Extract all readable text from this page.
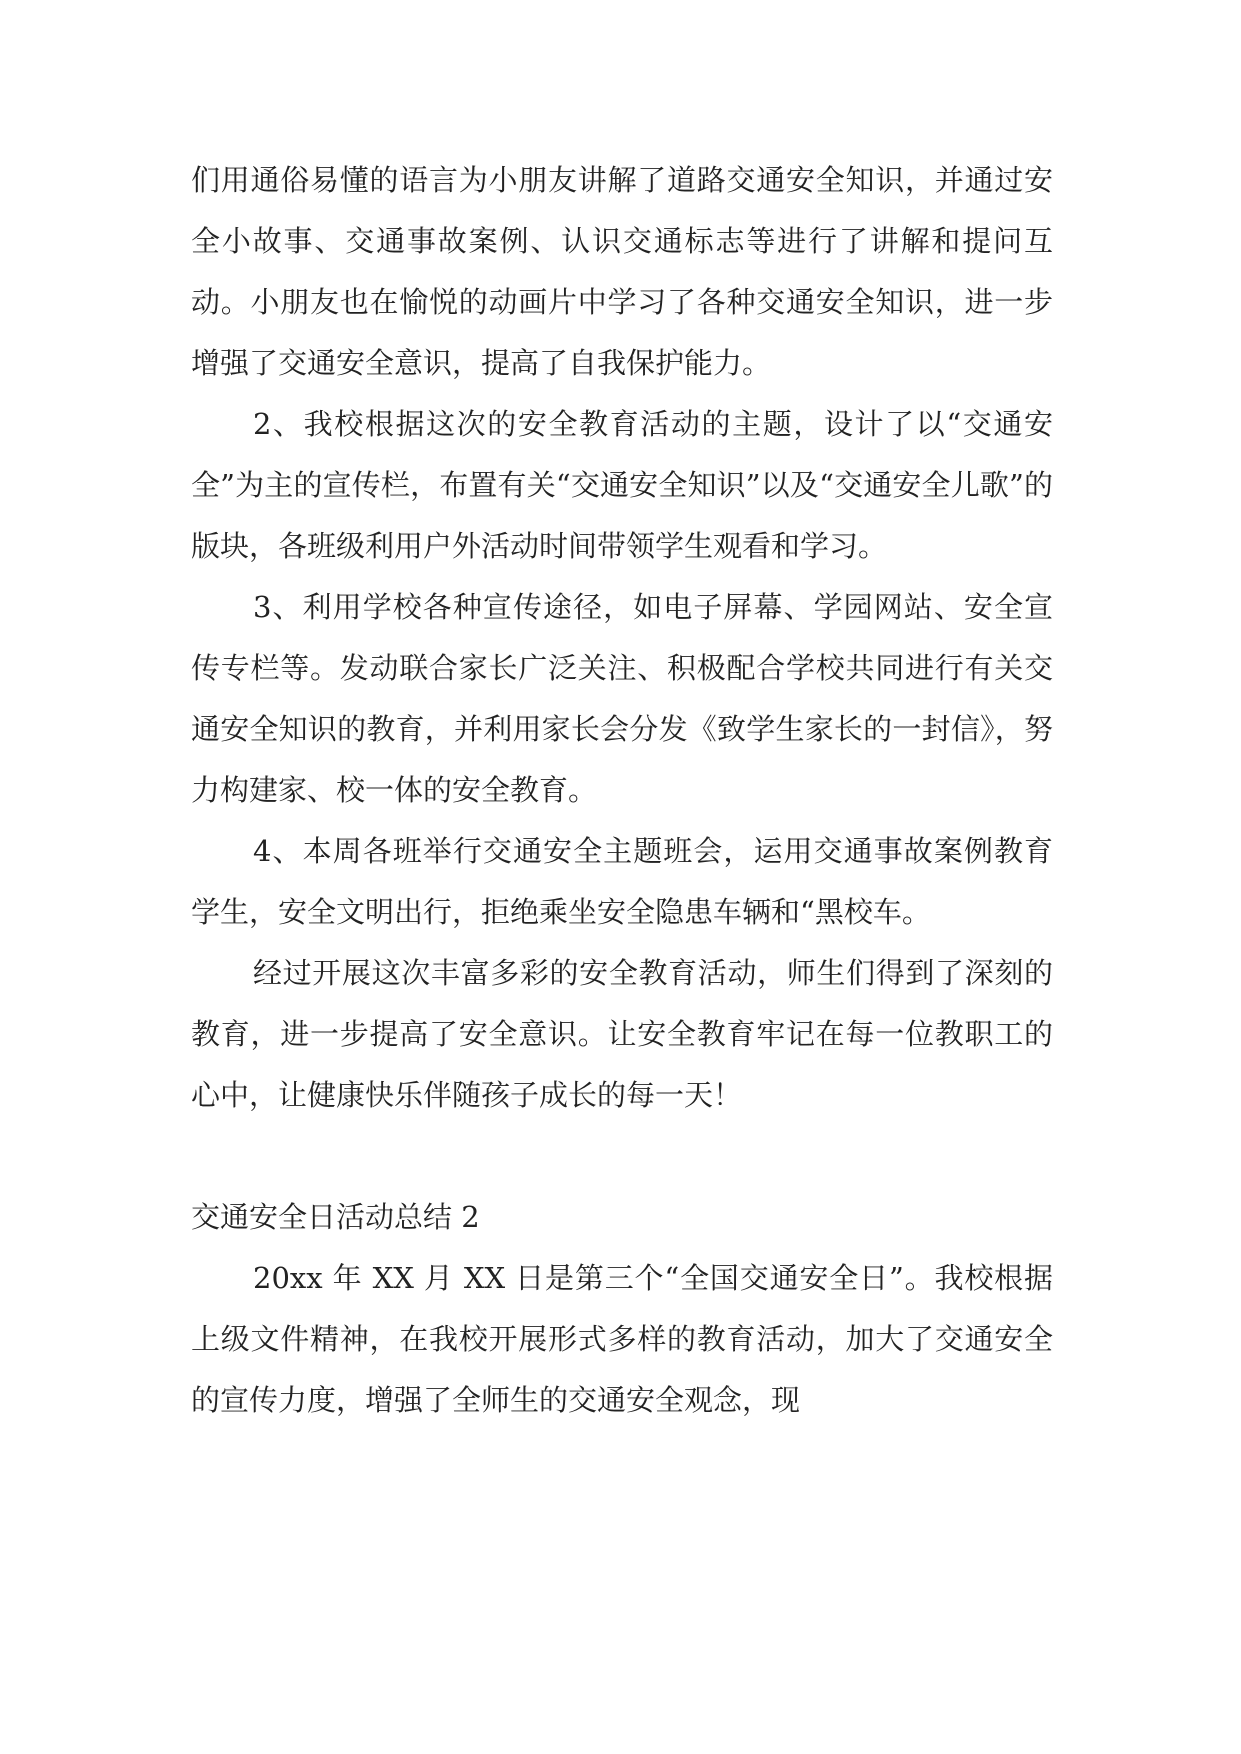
们用通俗易懂的语言为小朋友讲解了道路交通安全知识，并通过安全小故事、交通事故案例、认识交通标志等进行了讲解和提问互动。小朋友也在愉悦的动画片中学习了各种交通安全知识，进一步增强了交通安全意识，提高了自我保护能力。

2、我校根据这次的安全教育活动的主题，设计了以“交通安全”为主的宣传栏，布置有关“交通安全知识”以及“交通安全儿歌”的版块，各班级利用户外活动时间带领学生观看和学习。

3、利用学校各种宣传途径，如电子屏幕、学园网站、安全宣传专栏等。发动联合家长广泛关注、积极配合学校共同进行有关交通安全知识的教育，并利用家长会分发《致学生家长的一封信》，努力构建家、校一体的安全教育。

4、本周各班举行交通安全主题班会，运用交通事故案例教育学生，安全文明出行，拒绝乘坐安全隐患车辆和“黑校车。

经过开展这次丰富多彩的安全教育活动，师生们得到了深刻的教育，进一步提高了安全意识。让安全教育牢记在每一位教职工的心中，让健康快乐伴随孩子成长的每一天！

交通安全日活动总结 2

20xx 年 XX 月 XX 日是第三个“全国交通安全日”。我校根据上级文件精神，在我校开展形式多样的教育活动，加大了交通安全的宣传力度，增强了全师生的交通安全观念，现
